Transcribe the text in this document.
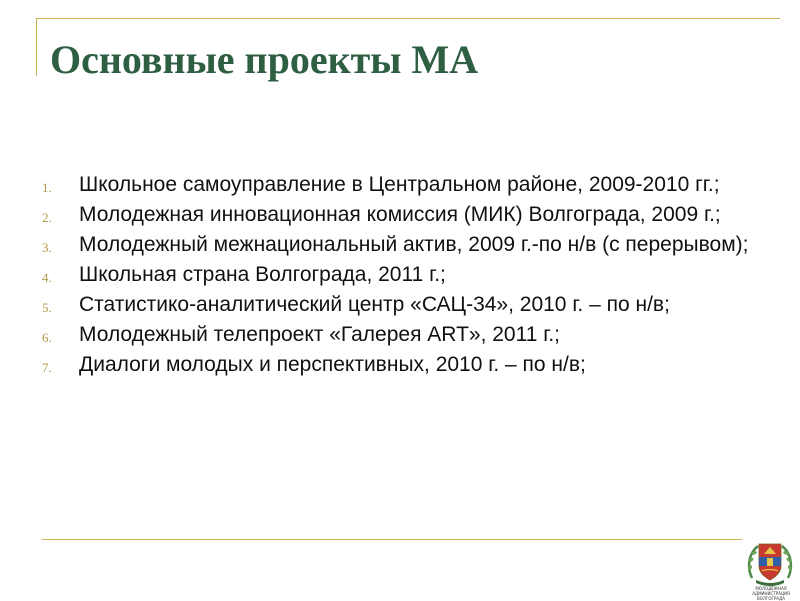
Основные проекты МА
1.	Школьное самоуправление в Центральном районе, 2009-2010 гг.;
2.	Молодежная инновационная комиссия (МИК) Волгограда, 2009 г.;
3.	Молодежный межнациональный актив, 2009 г.-по н/в (с перерывом);
4.	Школьная страна Волгограда, 2011 г.;
5.	Статистико-аналитический центр «САЦ-34», 2010 г. – по н/в;
6.	Молодежный телепроект «Галерея ART», 2011 г.;
7.	Диалоги молодых и перспективных, 2010 г. – по н/в;
МОЛОДЁЖНАЯ АДМИНИСТРАЦИЯ ВОЛГОГРАДА
